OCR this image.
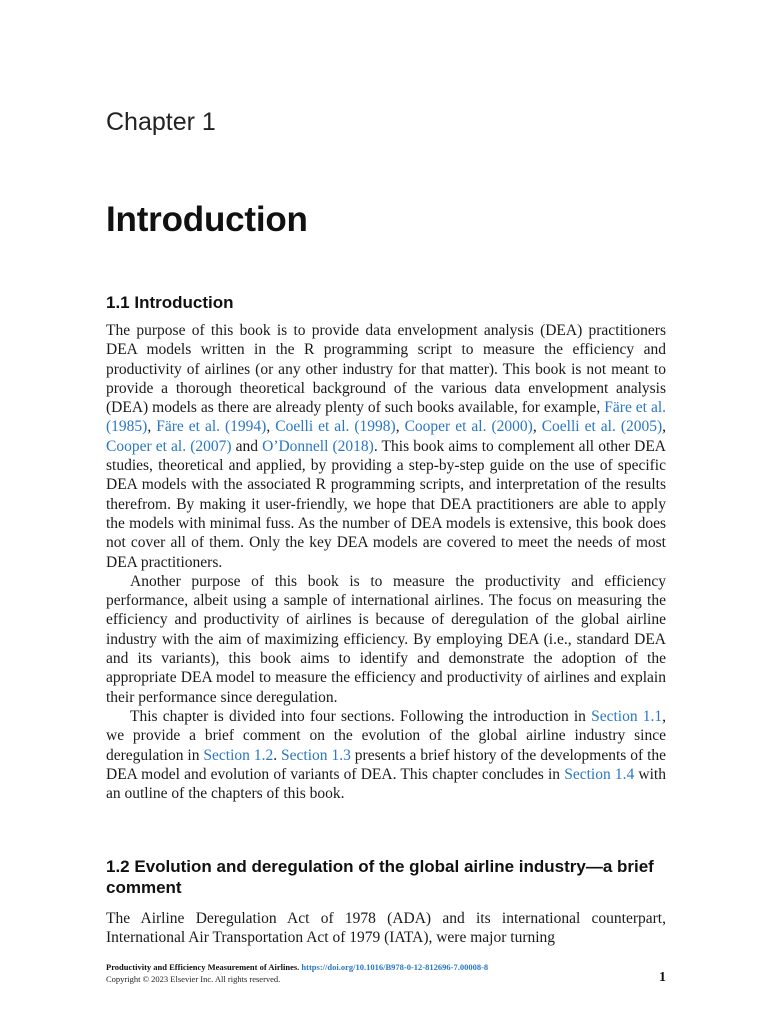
Chapter 1
Introduction
1.1 Introduction

The purpose of this book is to provide data envelopment analysis (DEA) practitioners DEA models written in the R programming script to measure the efficiency and productivity of airlines (or any other industry for that matter). This book is not meant to provide a thorough theoretical background of the various data envelopment analysis (DEA) models as there are already plenty of such books available, for example, Färe et al. (1985), Färe et al. (1994), Coelli et al. (1998), Cooper et al. (2000), Coelli et al. (2005), Cooper et al. (2007) and O’Donnell (2018). This book aims to complement all other DEA studies, theoretical and applied, by providing a step-by-step guide on the use of specific DEA models with the associated R programming scripts, and interpretation of the results therefrom. By making it user-friendly, we hope that DEA practitioners are able to apply the models with minimal fuss. As the number of DEA models is extensive, this book does not cover all of them. Only the key DEA models are covered to meet the needs of most DEA practitioners.

Another purpose of this book is to measure the productivity and efficiency performance, albeit using a sample of international airlines. The focus on measuring the efficiency and productivity of airlines is because of deregulation of the global airline industry with the aim of maximizing efficiency. By employing DEA (i.e., standard DEA and its variants), this book aims to identify and demonstrate the adoption of the appropriate DEA model to measure the efficiency and productivity of airlines and explain their performance since deregulation.

This chapter is divided into four sections. Following the introduction in Section 1.1, we provide a brief comment on the evolution of the global airline industry since deregulation in Section 1.2. Section 1.3 presents a brief history of the developments of the DEA model and evolution of variants of DEA. This chapter concludes in Section 1.4 with an outline of the chapters of this book.

1.2 Evolution and deregulation of the global airline industry—a brief comment

The Airline Deregulation Act of 1978 (ADA) and its international counterpart, International Air Transportation Act of 1979 (IATA), were major turning

Productivity and Efficiency Measurement of Airlines. https://doi.org/10.1016/B978-0-12-812696-7.00008-8
Copyright © 2023 Elsevier Inc. All rights reserved.	1
